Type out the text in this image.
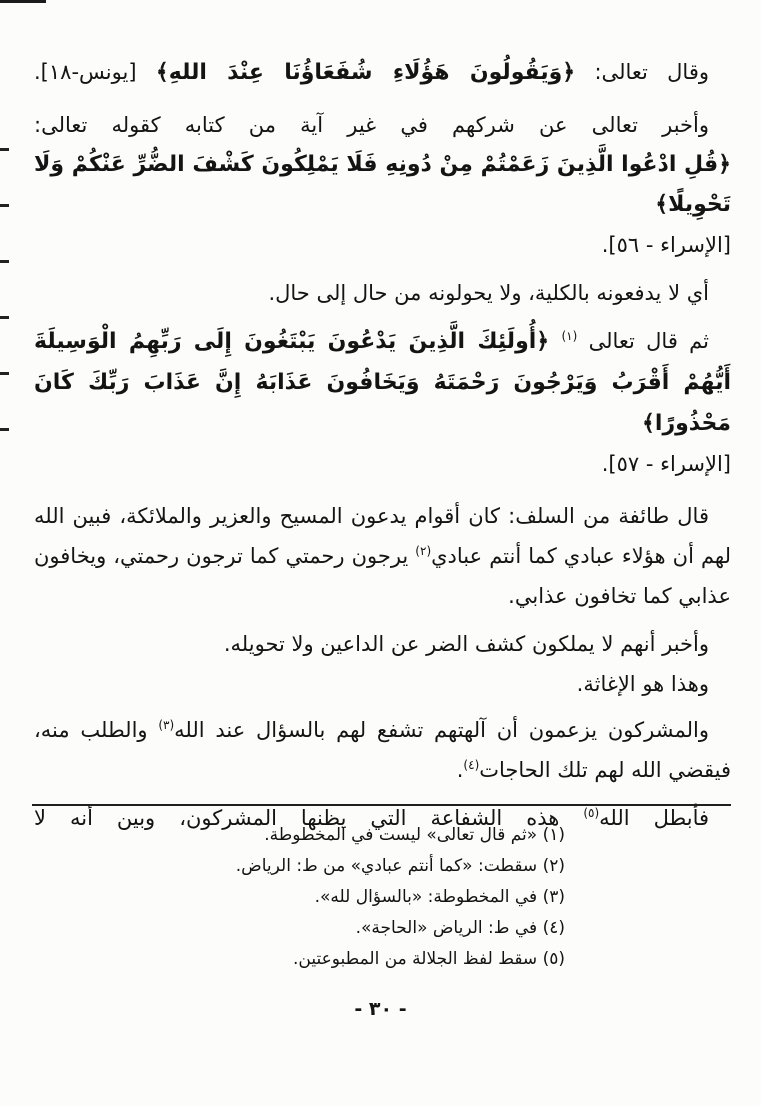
وقال تعالى: ﴿وَيَقُولُونَ هَؤُلَاءِ شُفَعَاؤُنَا عِنْدَ اللهِ﴾ [يونس-١٨].

وأخبر تعالى عن شركهم في غير آية من كتابه كقوله تعالى:
﴿قُلِ ادْعُوا الَّذِينَ زَعَمْتُمْ مِنْ دُونِهِ فَلَا يَمْلِكُونَ كَشْفَ الضُّرِّ عَنْكُمْ وَلَا تَحْوِيلًا﴾
[الإسراء - ٥٦].

أي لا يدفعونه بالكلية، ولا يحولونه من حال إلى حال.

ثم قال تعالى $^{(١)}$ ﴿أُولَئِكَ الَّذِينَ يَدْعُونَ يَبْتَغُونَ إِلَى رَبِّهِمُ الْوَسِيلَةَ أَيُّهُمْ أَقْرَبُ وَيَرْجُونَ رَحْمَتَهُ وَيَخَافُونَ عَذَابَهُ إِنَّ عَذَابَ رَبِّكَ كَانَ مَحْذُورًا﴾
[الإسراء - ٥٧].

قال طائفة من السلف: كان أقوام يدعون المسيح والعزير والملائكة، فبين الله لهم أن هؤلاء عبادي كما أنتم عبادي$^{(٢)}$ يرجون رحمتي كما ترجون رحمتي، ويخافون عذابي كما تخافون عذابي.

وأخبر أنهم لا يملكون كشف الضر عن الداعين ولا تحويله.

وهذا هو الإغاثة.

والمشركون يزعمون أن آلهتهم تشفع لهم بالسؤال عند الله$^{(٣)}$ والطلب منه، فيقضي الله لهم تلك الحاجات$^{(٤)}$.

فأبطل الله$^{(٥)}$ هذه الشفاعة التي يظنها المشركون، وبين أنه لا

(١) «ثم قال تعالى» ليست في المخطوطة.

(٢) سقطت: «كما أنتم عبادي» من ط: الرياض.

(٣) في المخطوطة: «بالسؤال لله».

(٤) في ط: الرياض «الحاجة».

(٥) سقط لفظ الجلالة من المطبوعتين.

- ٣٠ -
